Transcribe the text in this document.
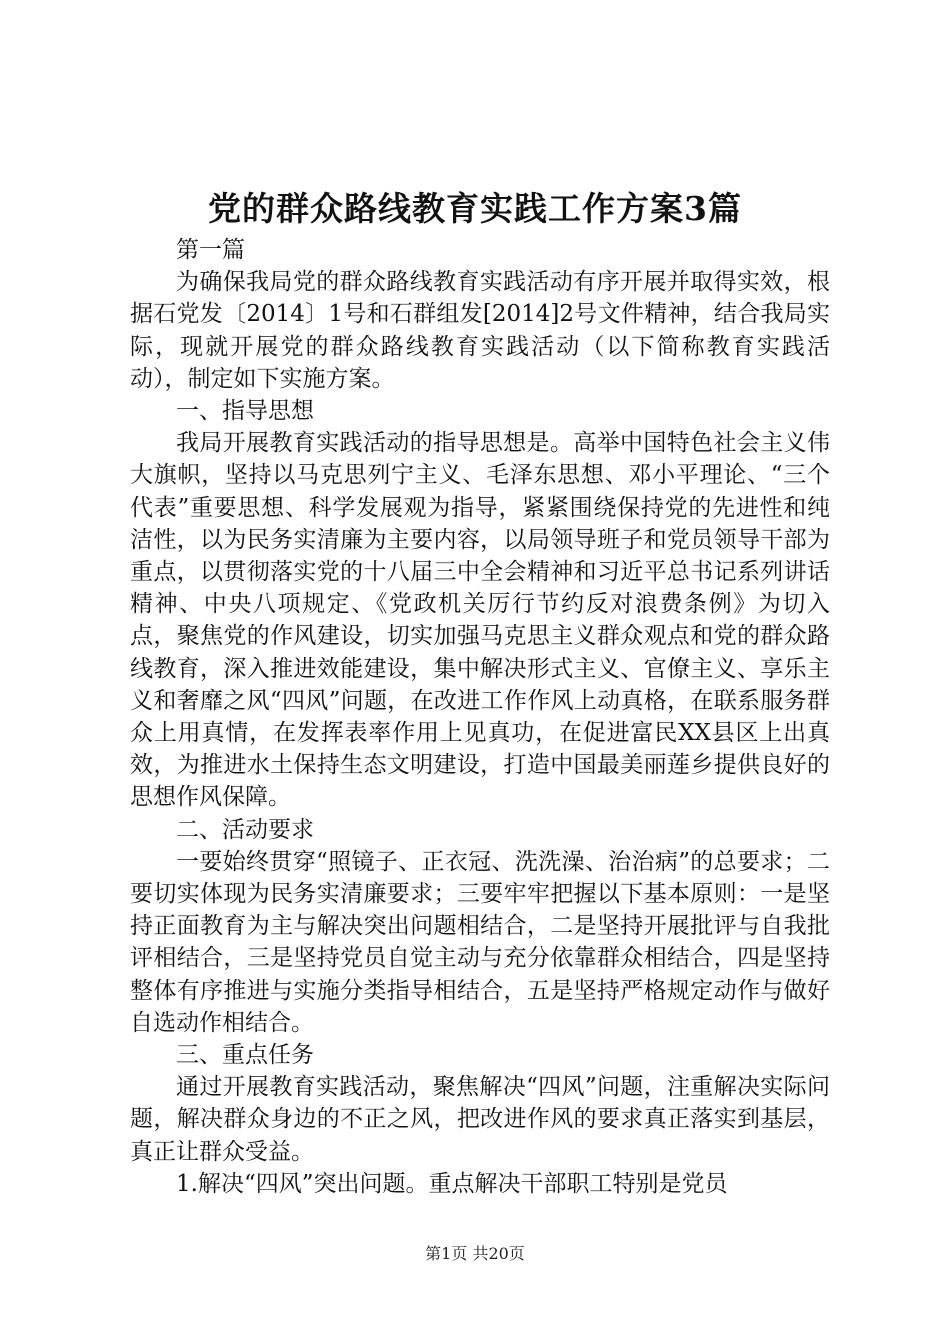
党的群众路线教育实践工作方案3篇

第一篇

为确保我局党的群众路线教育实践活动有序开展并取得实效，根据石党发〔2014〕1号和石群组发[2014]2号文件精神，结合我局实际，现就开展党的群众路线教育实践活动（以下简称教育实践活动），制定如下实施方案。

一、指导思想

我局开展教育实践活动的指导思想是。高举中国特色社会主义伟大旗帜，坚持以马克思列宁主义、毛泽东思想、邓小平理论、“三个代表”重要思想、科学发展观为指导，紧紧围绕保持党的先进性和纯洁性，以为民务实清廉为主要内容，以局领导班子和党员领导干部为重点，以贯彻落实党的十八届三中全会精神和习近平总书记系列讲话精神、中央八项规定、《党政机关厉行节约反对浪费条例》为切入点，聚焦党的作风建设，切实加强马克思主义群众观点和党的群众路线教育，深入推进效能建设，集中解决形式主义、官僚主义、享乐主义和奢靡之风“四风”问题，在改进工作作风上动真格，在联系服务群众上用真情，在发挥表率作用上见真功，在促进富民XX县区上出真效，为推进水土保持生态文明建设，打造中国最美丽莲乡提供良好的思想作风保障。

二、活动要求

一要始终贯穿“照镜子、正衣冠、洗洗澡、治治病”的总要求；二要切实体现为民务实清廉要求；三要牢牢把握以下基本原则：一是坚持正面教育为主与解决突出问题相结合，二是坚持开展批评与自我批评相结合，三是坚持党员自觉主动与充分依靠群众相结合，四是坚持整体有序推进与实施分类指导相结合，五是坚持严格规定动作与做好自选动作相结合。

三、重点任务

通过开展教育实践活动，聚焦解决“四风”问题，注重解决实际问题，解决群众身边的不正之风，把改进作风的要求真正落实到基层，真正让群众受益。

1.解决“四风”突出问题。重点解决干部职工特别是党员

第1页 共20页
